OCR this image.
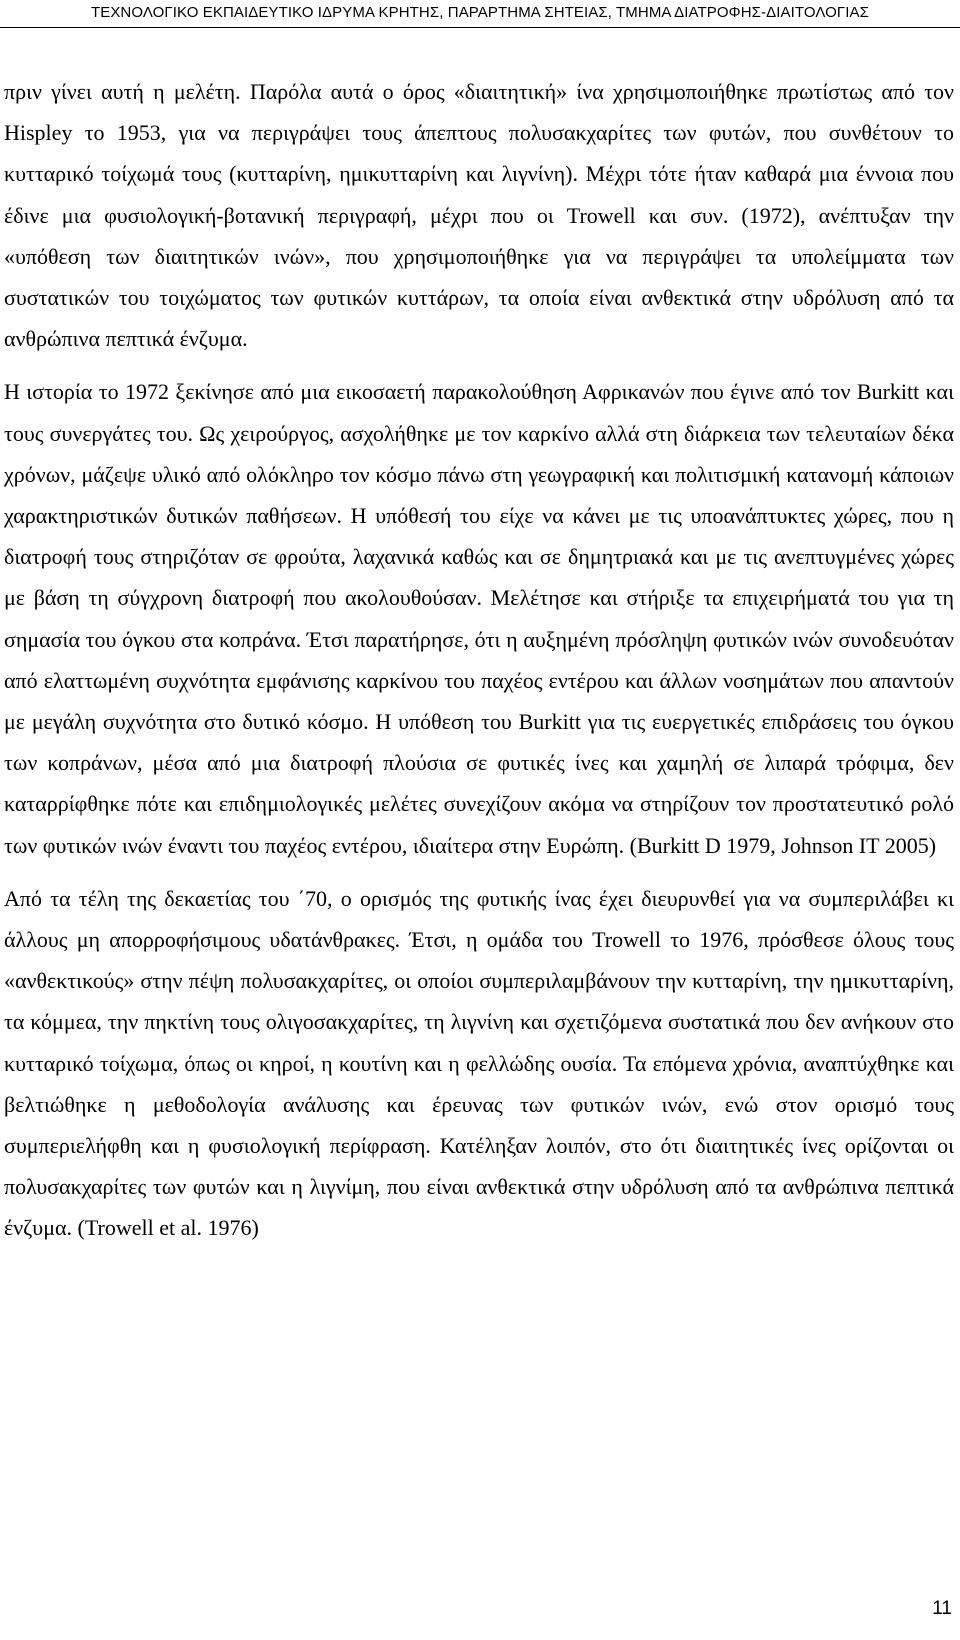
ΤΕΧΝΟΛΟΓΙΚΟ ΕΚΠΑΙΔΕΥΤΙΚΟ ΙΔΡΥΜΑ ΚΡΗΤΗΣ, ΠΑΡΑΡΤΗΜΑ ΣΗΤΕΙΑΣ, ΤΜΗΜΑ ΔΙΑΤΡΟΦΗΣ-ΔΙΑΙΤΟΛΟΓΙΑΣ

πριν γίνει αυτή η μελέτη. Παρόλα αυτά ο όρος «διαιτητική» ίνα χρησιμοποιήθηκε πρωτίστως από τον Hispley το 1953, για να περιγράψει τους άπεπτους πολυσακχαρίτες των φυτών, που συνθέτουν το κυτταρικό τοίχωμά τους (κυτταρίνη, ημικυτταρίνη και λιγνίνη). Μέχρι τότε ήταν καθαρά μια έννοια που έδινε μια φυσιολογική-βοτανική περιγραφή, μέχρι που οι Trowell και συν. (1972), ανέπτυξαν την «υπόθεση των διαιτητικών ινών», που χρησιμοποιήθηκε για να περιγράψει τα υπολείμματα των συστατικών του τοιχώματος των φυτικών κυττάρων, τα οποία είναι ανθεκτικά στην υδρόλυση από τα ανθρώπινα πεπτικά ένζυμα.

Η ιστορία το 1972 ξεκίνησε από μια εικοσαετή παρακολούθηση Αφρικανών που έγινε από τον Burkitt και τους συνεργάτες του. Ως χειρούργος, ασχολήθηκε με τον καρκίνο αλλά στη διάρκεια των τελευταίων δέκα χρόνων, μάζεψε υλικό από ολόκληρο τον κόσμο πάνω στη γεωγραφική και πολιτισμική κατανομή κάποιων χαρακτηριστικών δυτικών παθήσεων. Η υπόθεσή του είχε να κάνει με τις υποανάπτυκτες χώρες, που η διατροφή τους στηριζόταν σε φρούτα, λαχανικά καθώς και σε δημητριακά και με τις ανεπτυγμένες χώρες με βάση τη σύγχρονη διατροφή που ακολουθούσαν. Μελέτησε και στήριξε τα επιχειρήματά του για τη σημασία του όγκου στα κοπράνα. Έτσι παρατήρησε, ότι η αυξημένη πρόσληψη φυτικών ινών συνοδευόταν από ελαττωμένη συχνότητα εμφάνισης καρκίνου του παχέος εντέρου και άλλων νοσημάτων που απαντούν με μεγάλη συχνότητα στο δυτικό κόσμο. Η υπόθεση του Burkitt για τις ευεργετικές επιδράσεις του όγκου των κοπράνων, μέσα από μια διατροφή πλούσια σε φυτικές ίνες και χαμηλή σε λιπαρά τρόφιμα, δεν καταρρίφθηκε πότε και επιδημιολογικές μελέτες συνεχίζουν ακόμα να στηρίζουν τον προστατευτικό ρολό των φυτικών ινών έναντι του παχέος εντέρου, ιδιαίτερα στην Ευρώπη. (Burkitt D 1979, Johnson IT 2005)

Από τα τέλη της δεκαετίας του ΄70, ο ορισμός της φυτικής ίνας έχει διευρυνθεί για να συμπεριλάβει κι άλλους μη απορροφήσιμους υδατάνθρακες. Έτσι, η ομάδα του Trowell το 1976, πρόσθεσε όλους τους «ανθεκτικούς» στην πέψη πολυσακχαρίτες, οι οποίοι συμπεριλαμβάνουν την κυτταρίνη, την ημικυτταρίνη, τα κόμμεα, την πηκτίνη τους ολιγοσακχαρίτες, τη λιγνίνη και σχετιζόμενα συστατικά που δεν ανήκουν στο κυτταρικό τοίχωμα, όπως οι κηροί, η κουτίνη και η φελλώδης ουσία. Τα επόμενα χρόνια, αναπτύχθηκε και βελτιώθηκε η μεθοδολογία ανάλυσης και έρευνας των φυτικών ινών, ενώ στον ορισμό τους συμπεριελήφθη και η φυσιολογική περίφραση. Κατέληξαν λοιπόν, στο ότι διαιτητικές ίνες ορίζονται οι πολυσακχαρίτες των φυτών και η λιγνίμη, που είναι ανθεκτικά στην υδρόλυση από τα ανθρώπινα πεπτικά ένζυμα. (Trowell et al. 1976)

11
